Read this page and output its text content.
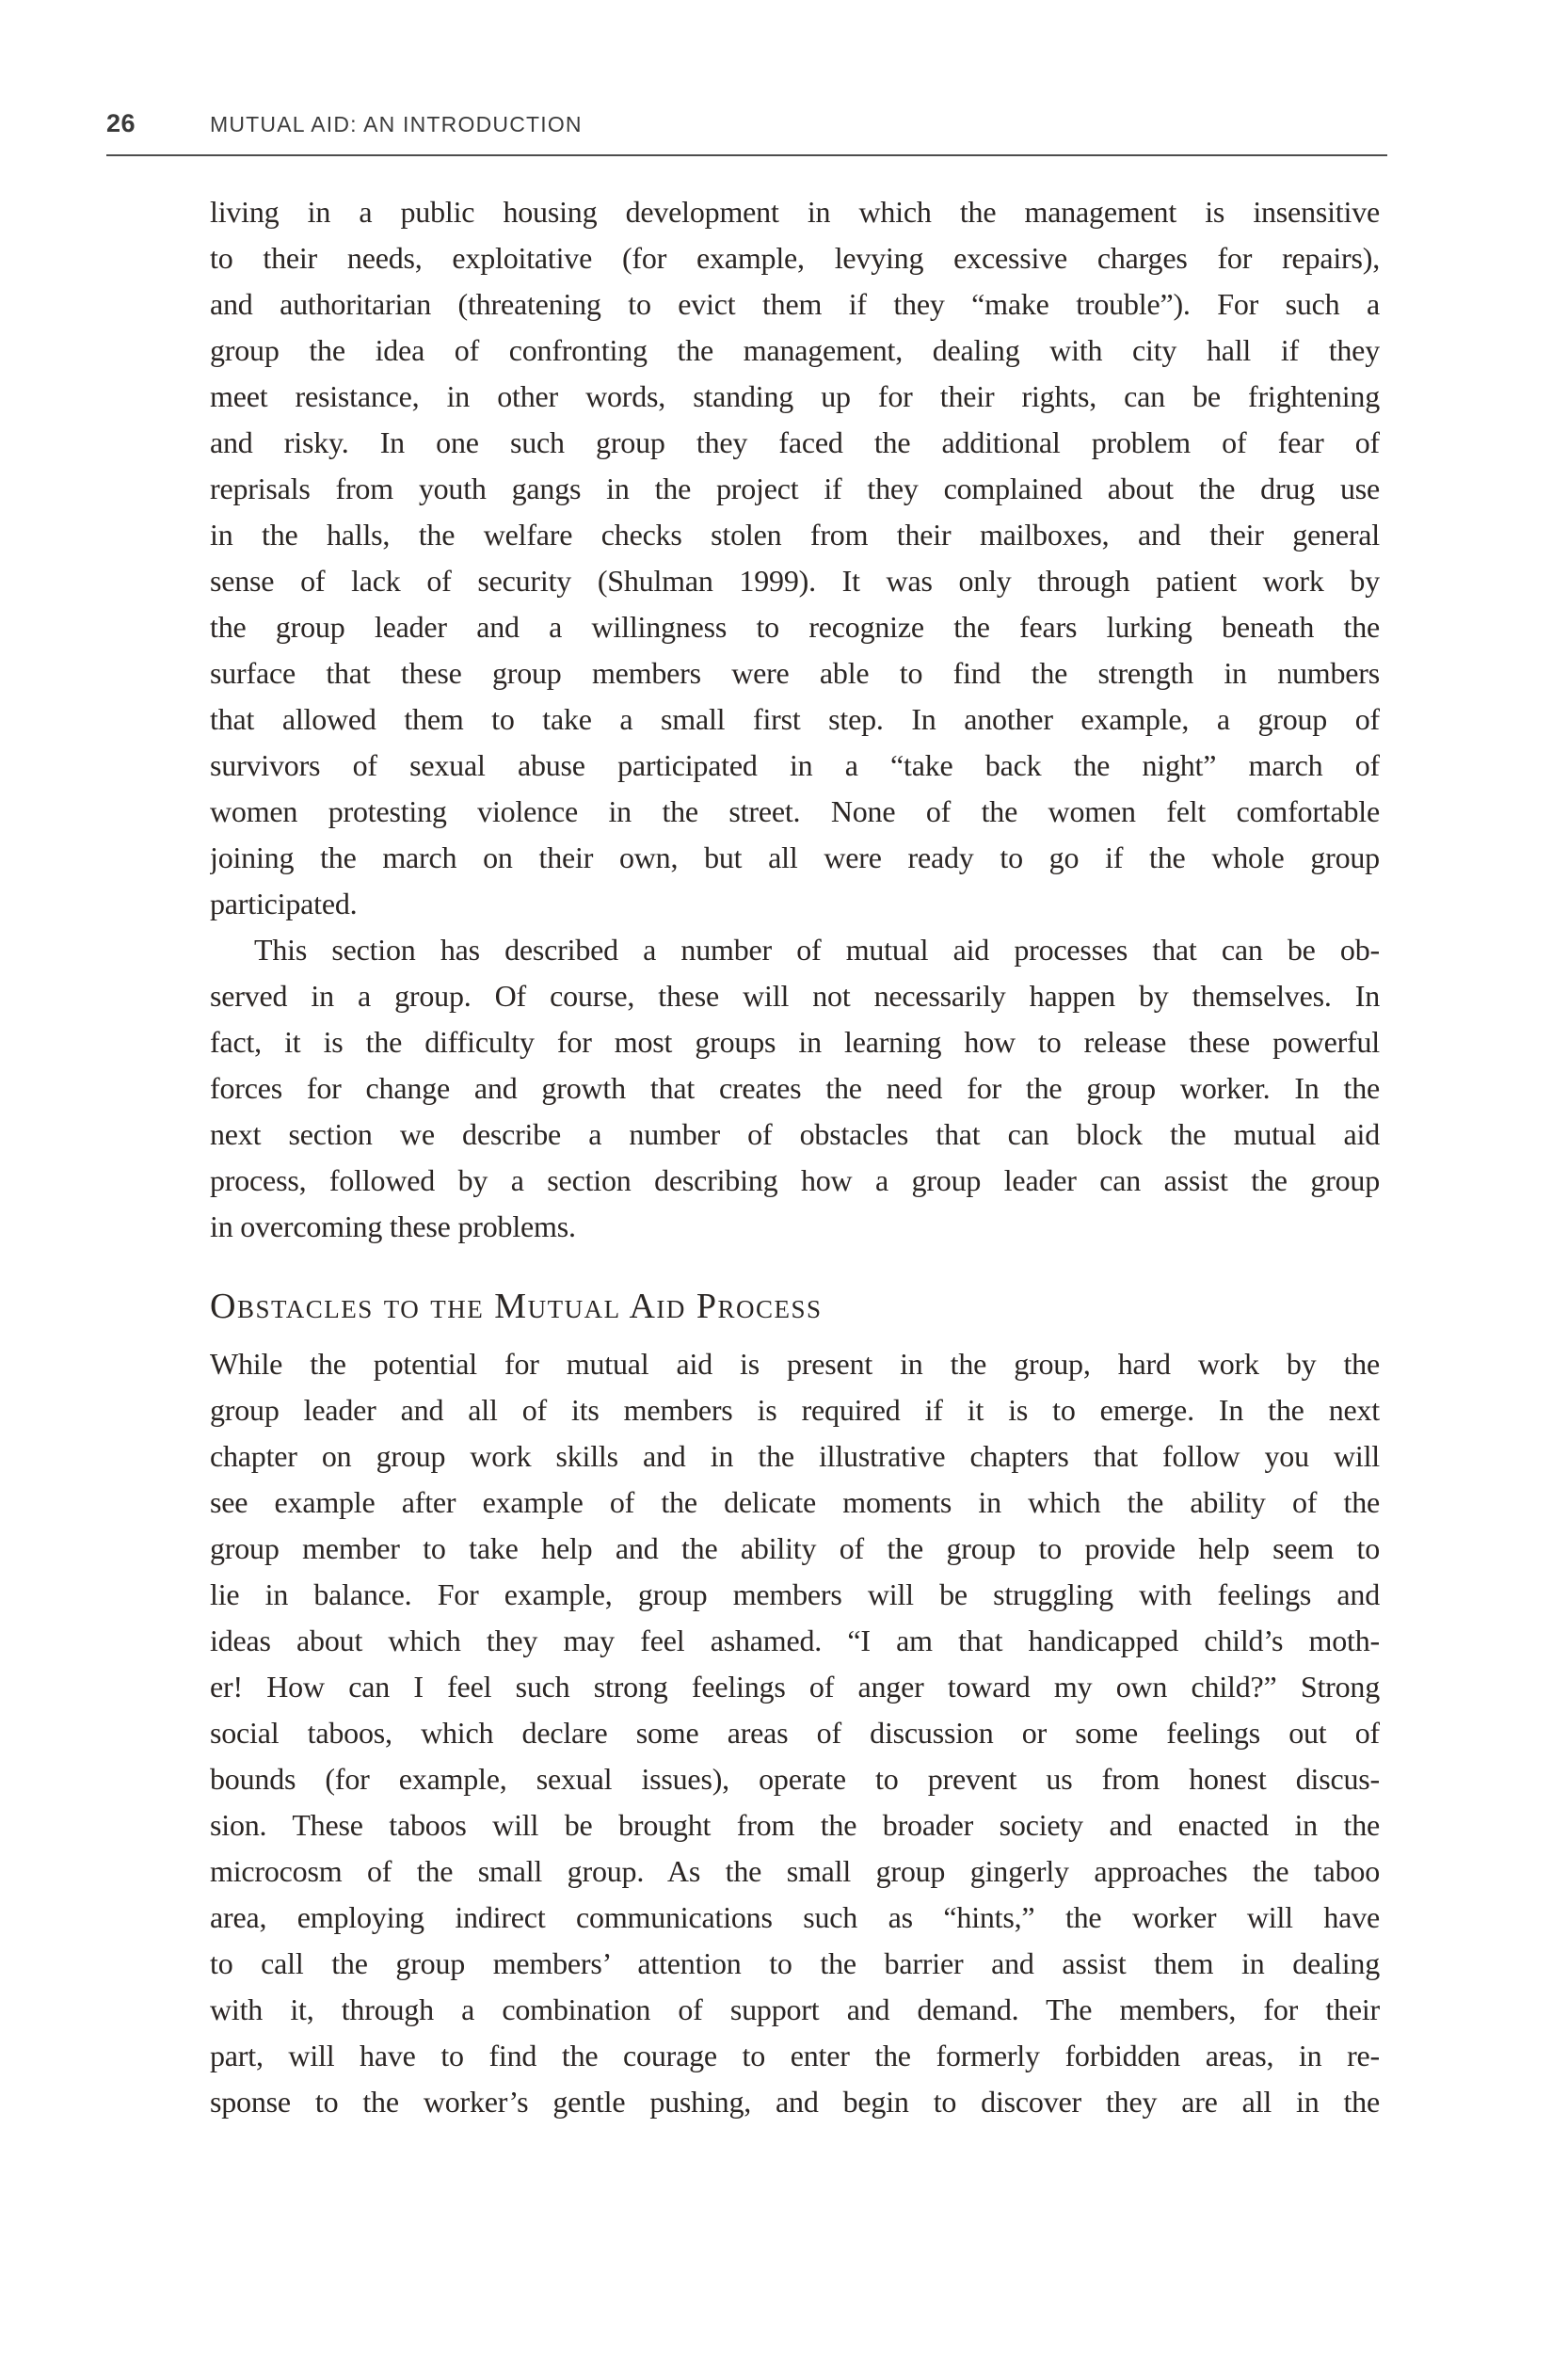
26	MUTUAL AID: AN INTRODUCTION
living in a public housing development in which the management is insensitive
to their needs, exploitative (for example, levying excessive charges for repairs),
and authoritarian (threatening to evict them if they “make trouble”). For such a
group the idea of confronting the management, dealing with city hall if they
meet resistance, in other words, standing up for their rights, can be frightening
and risky. In one such group they faced the additional problem of fear of
reprisals from youth gangs in the project if they complained about the drug use
in the halls, the welfare checks stolen from their mailboxes, and their general
sense of lack of security (Shulman 1999). It was only through patient work by
the group leader and a willingness to recognize the fears lurking beneath the
surface that these group members were able to find the strength in numbers
that allowed them to take a small first step. In another example, a group of
survivors of sexual abuse participated in a “take back the night” march of
women protesting violence in the street. None of the women felt comfortable
joining the march on their own, but all were ready to go if the whole group
participated.
This section has described a number of mutual aid processes that can be ob-
served in a group. Of course, these will not necessarily happen by themselves. In
fact, it is the difficulty for most groups in learning how to release these powerful
forces for change and growth that creates the need for the group worker. In the
next section we describe a number of obstacles that can block the mutual aid
process, followed by a section describing how a group leader can assist the group
in overcoming these problems.
Obstacles to the Mutual Aid Process
While the potential for mutual aid is present in the group, hard work by the
group leader and all of its members is required if it is to emerge. In the next
chapter on group work skills and in the illustrative chapters that follow you will
see example after example of the delicate moments in which the ability of the
group member to take help and the ability of the group to provide help seem to
lie in balance. For example, group members will be struggling with feelings and
ideas about which they may feel ashamed. “I am that handicapped child’s moth-
er! How can I feel such strong feelings of anger toward my own child?” Strong
social taboos, which declare some areas of discussion or some feelings out of
bounds (for example, sexual issues), operate to prevent us from honest discus-
sion. These taboos will be brought from the broader society and enacted in the
microcosm of the small group. As the small group gingerly approaches the taboo
area, employing indirect communications such as “hints,” the worker will have
to call the group members’ attention to the barrier and assist them in dealing
with it, through a combination of support and demand. The members, for their
part, will have to find the courage to enter the formerly forbidden areas, in re-
sponse to the worker’s gentle pushing, and begin to discover they are all in the
